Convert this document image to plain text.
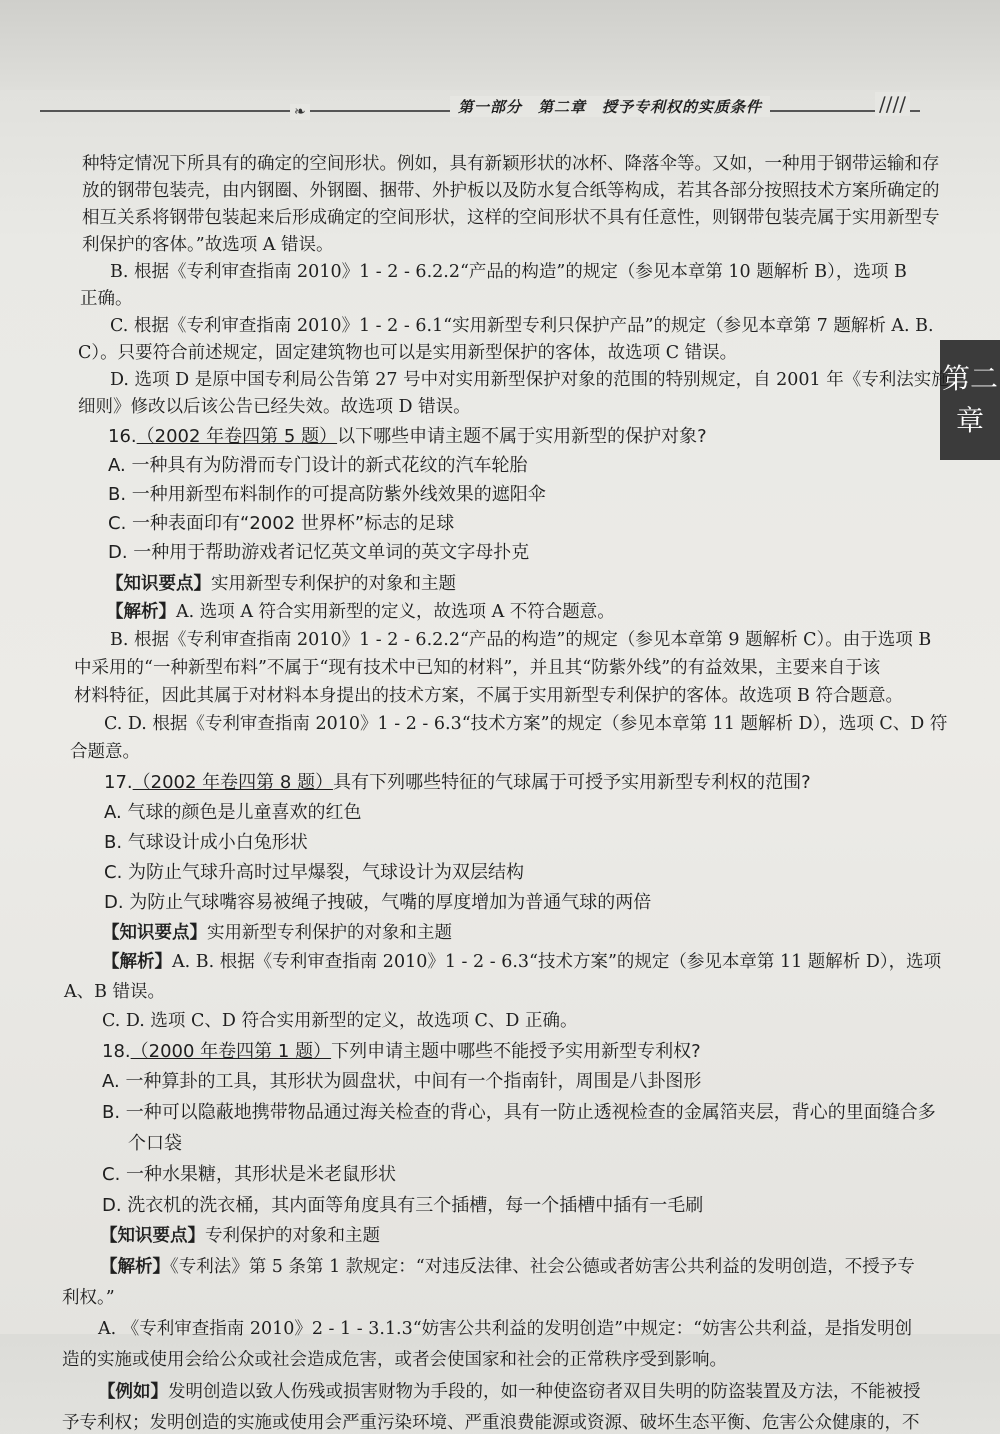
❧	第一部分　第二章　授予专利权的实质条件	∕∕∕∕
第二
章
种特定情况下所具有的确定的空间形状。例如，具有新颖形状的冰杯、降落伞等。又如，一种用于钢带运输和存
放的钢带包装壳，由内钢圈、外钢圈、捆带、外护板以及防水复合纸等构成，若其各部分按照技术方案所确定的
相互关系将钢带包装起来后形成确定的空间形状，这样的空间形状不具有任意性，则钢带包装壳属于实用新型专
利保护的客体。”故选项 A 错误。
B. 根据《专利审查指南 2010》1 - 2 - 6.2.2“产品的构造”的规定（参见本章第 10 题解析 B），选项 B
正确。
C. 根据《专利审查指南 2010》1 - 2 - 6.1“实用新型专利只保护产品”的规定（参见本章第 7 题解析 A. B.
C）。只要符合前述规定，固定建筑物也可以是实用新型保护的客体，故选项 C 错误。
D. 选项 D 是原中国专利局公告第 27 号中对实用新型保护对象的范围的特别规定，自 2001 年《专利法实施
细则》修改以后该公告已经失效。故选项 D 错误。
16.（2002 年卷四第 5 题）以下哪些申请主题不属于实用新型的保护对象?
A. 一种具有为防滑而专门设计的新式花纹的汽车轮胎
B. 一种用新型布料制作的可提高防紫外线效果的遮阳伞
C. 一种表面印有“2002 世界杯”标志的足球
D. 一种用于帮助游戏者记忆英文单词的英文字母扑克
【知识要点】实用新型专利保护的对象和主题
【解析】A. 选项 A 符合实用新型的定义，故选项 A 不符合题意。
B. 根据《专利审查指南 2010》1 - 2 - 6.2.2“产品的构造”的规定（参见本章第 9 题解析 C）。由于选项 B
中采用的“一种新型布料”不属于“现有技术中已知的材料”，并且其“防紫外线”的有益效果，主要来自于该
材料特征，因此其属于对材料本身提出的技术方案，不属于实用新型专利保护的客体。故选项 B 符合题意。
C. D. 根据《专利审查指南 2010》1 - 2 - 6.3“技术方案”的规定（参见本章第 11 题解析 D），选项 C、D 符
合题意。
17.（2002 年卷四第 8 题）具有下列哪些特征的气球属于可授予实用新型专利权的范围?
A. 气球的颜色是儿童喜欢的红色
B. 气球设计成小白兔形状
C. 为防止气球升高时过早爆裂，气球设计为双层结构
D. 为防止气球嘴容易被绳子拽破，气嘴的厚度增加为普通气球的两倍
【知识要点】实用新型专利保护的对象和主题
【解析】A. B. 根据《专利审查指南 2010》1 - 2 - 6.3“技术方案”的规定（参见本章第 11 题解析 D），选项
A、B 错误。
C. D. 选项 C、D 符合实用新型的定义，故选项 C、D 正确。
18.（2000 年卷四第 1 题）下列申请主题中哪些不能授予实用新型专利权?
A. 一种算卦的工具，其形状为圆盘状，中间有一个指南针，周围是八卦图形
B. 一种可以隐蔽地携带物品通过海关检查的背心，具有一防止透视检查的金属箔夹层，背心的里面缝合多
个口袋
C. 一种水果糖，其形状是米老鼠形状
D. 洗衣机的洗衣桶，其内面等角度具有三个插槽，每一个插槽中插有一毛刷
【知识要点】专利保护的对象和主题
【解析】《专利法》第 5 条第 1 款规定：“对违反法律、社会公德或者妨害公共利益的发明创造，不授予专
利权。”
A. 《专利审查指南 2010》2 - 1 - 3.1.3“妨害公共利益的发明创造”中规定：“妨害公共利益，是指发明创
造的实施或使用会给公众或社会造成危害，或者会使国家和社会的正常秩序受到影响。
【例如】发明创造以致人伤残或损害财物为手段的，如一种使盗窃者双目失明的防盗装置及方法，不能被授
予专利权；发明创造的实施或使用会严重污染环境、严重浪费能源或资源、破坏生态平衡、危害公众健康的，不
